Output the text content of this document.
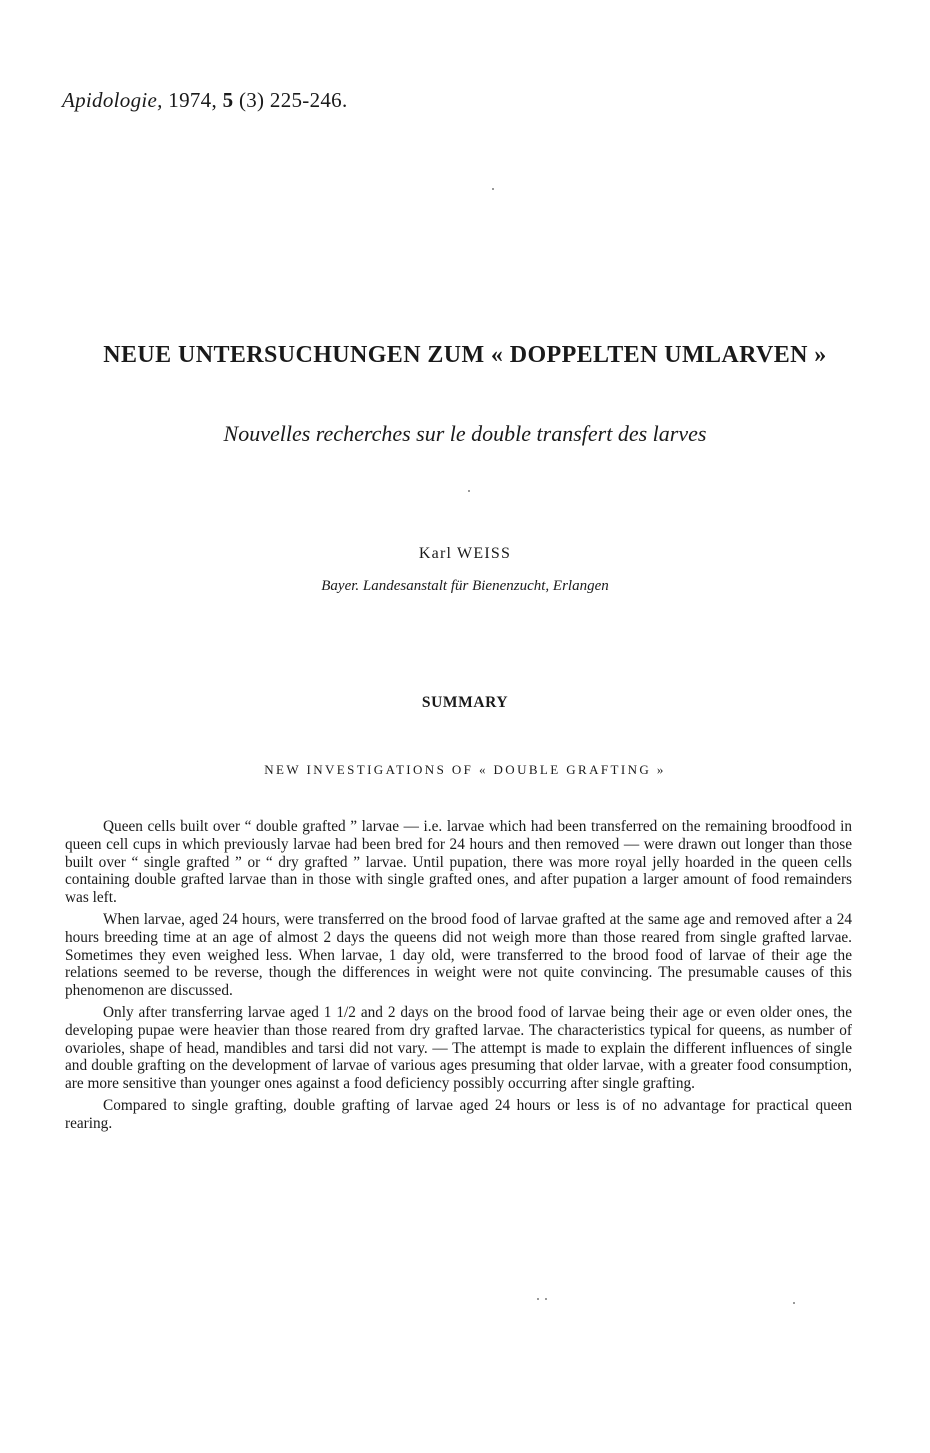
Apidologie, 1974, 5 (3) 225-246.
NEUE UNTERSUCHUNGEN ZUM « DOPPELTEN UMLARVEN »
Nouvelles recherches sur le double transfert des larves
Karl WEISS
Bayer. Landesanstalt für Bienenzucht, Erlangen
SUMMARY
NEW INVESTIGATIONS OF « DOUBLE GRAFTING »

Queen cells built over “ double grafted ” larvae — i.e. larvae which had been transferred on the remaining broodfood in queen cell cups in which previously larvae had been bred for 24 hours and then removed — were drawn out longer than those built over “ single grafted ” or “ dry grafted ” larvae. Until pupation, there was more royal jelly hoarded in the queen cells containing double grafted larvae than in those with single grafted ones, and after pupation a larger amount of food remainders was left.

When larvae, aged 24 hours, were transferred on the brood food of larvae grafted at the same age and removed after a 24 hours breeding time at an age of almost 2 days the queens did not weigh more than those reared from single grafted larvae. Sometimes they even weighed less. When larvae, 1 day old, were transferred to the brood food of larvae of their age the relations seemed to be reverse, though the differences in weight were not quite convincing. The presumable causes of this phenomenon are discussed.

Only after transferring larvae aged 1 1/2 and 2 days on the brood food of larvae being their age or even older ones, the developing pupae were heavier than those reared from dry grafted larvae. The characteristics typical for queens, as number of ovarioles, shape of head, mandibles and tarsi did not vary. — The attempt is made to explain the different influences of single and double grafting on the development of larvae of various ages presuming that older larvae, with a greater food consumption, are more sensitive than younger ones against a food deficiency possibly occurring after single grafting.

Compared to single grafting, double grafting of larvae aged 24 hours or less is of no advantage for practical queen rearing.
